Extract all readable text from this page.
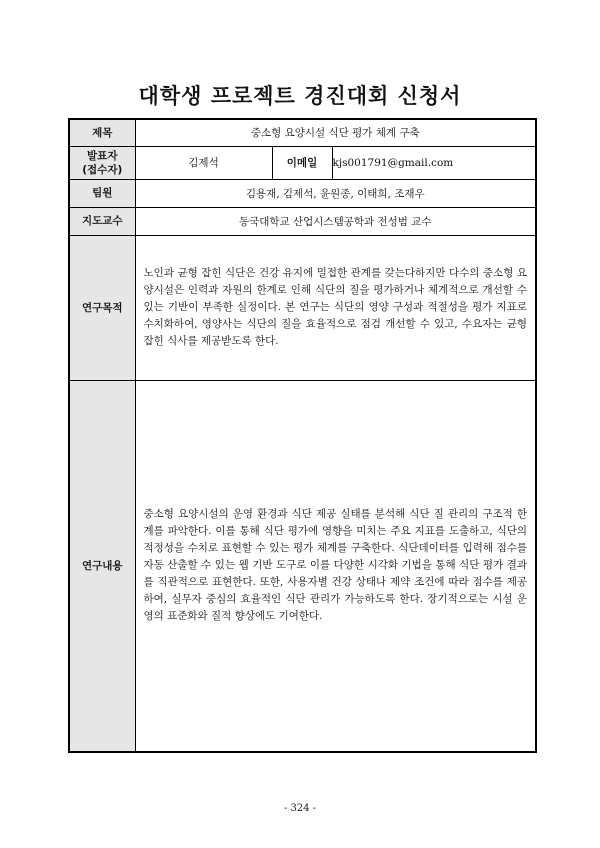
대학생 프로젝트 경진대회 신청서
제목	중소형 요양시설 식단 평가 체계 구축		

발표자
(접수자)	김제석	이메일	kjs001791@gmail.com
팀원	김용재, 김제석, 윤원종, 이태희, 조재우		
지도교수	동국대학교 산업시스템공학과 전성범 교수		
연구목적	노인과 균형 잡힌 식단은 건강 유지에 밀접한 관계를 갖는다하지만 다수의 중소형 요양시설은 인력과 자원의 한계로 인해 식단의 질을 평가하거나 체계적으로 개선할 수 있는 기반이 부족한 실정이다. 본 연구는 식단의 영양 구성과 적절성을 평가 지표로 수치화하여, 영양사는 식단의 질을 효율적으로 점검 개선할 수 있고, 수요자는 균형 잡힌 식사를 제공받도록 한다.		

연구내용	중소형 요양시설의 운영 환경과 식단 제공 실태를 분석해 식단 질 관리의 구조적 한계를 파악한다. 이를 통해 식단 평가에 영향을 미치는 주요 지표를 도출하고, 식단의 적정성을 수치로 표현할 수 있는 평가 체계를 구축한다. 식단데이터를 입력해 점수를 자동 산출할 수 있는 웹 기반 도구로 이를 다양한 시각화 기법을 통해 식단 평가 결과를 직관적으로 표현한다. 또한, 사용자별 건강 상태나 제약 조건에 따라 점수를 제공하여, 실무자 중심의 효율적인 식단 관리가 가능하도록 한다. 장기적으로는 시설 운영의 표준화와 질적 향상에도 기여한다.		
- 324 -
